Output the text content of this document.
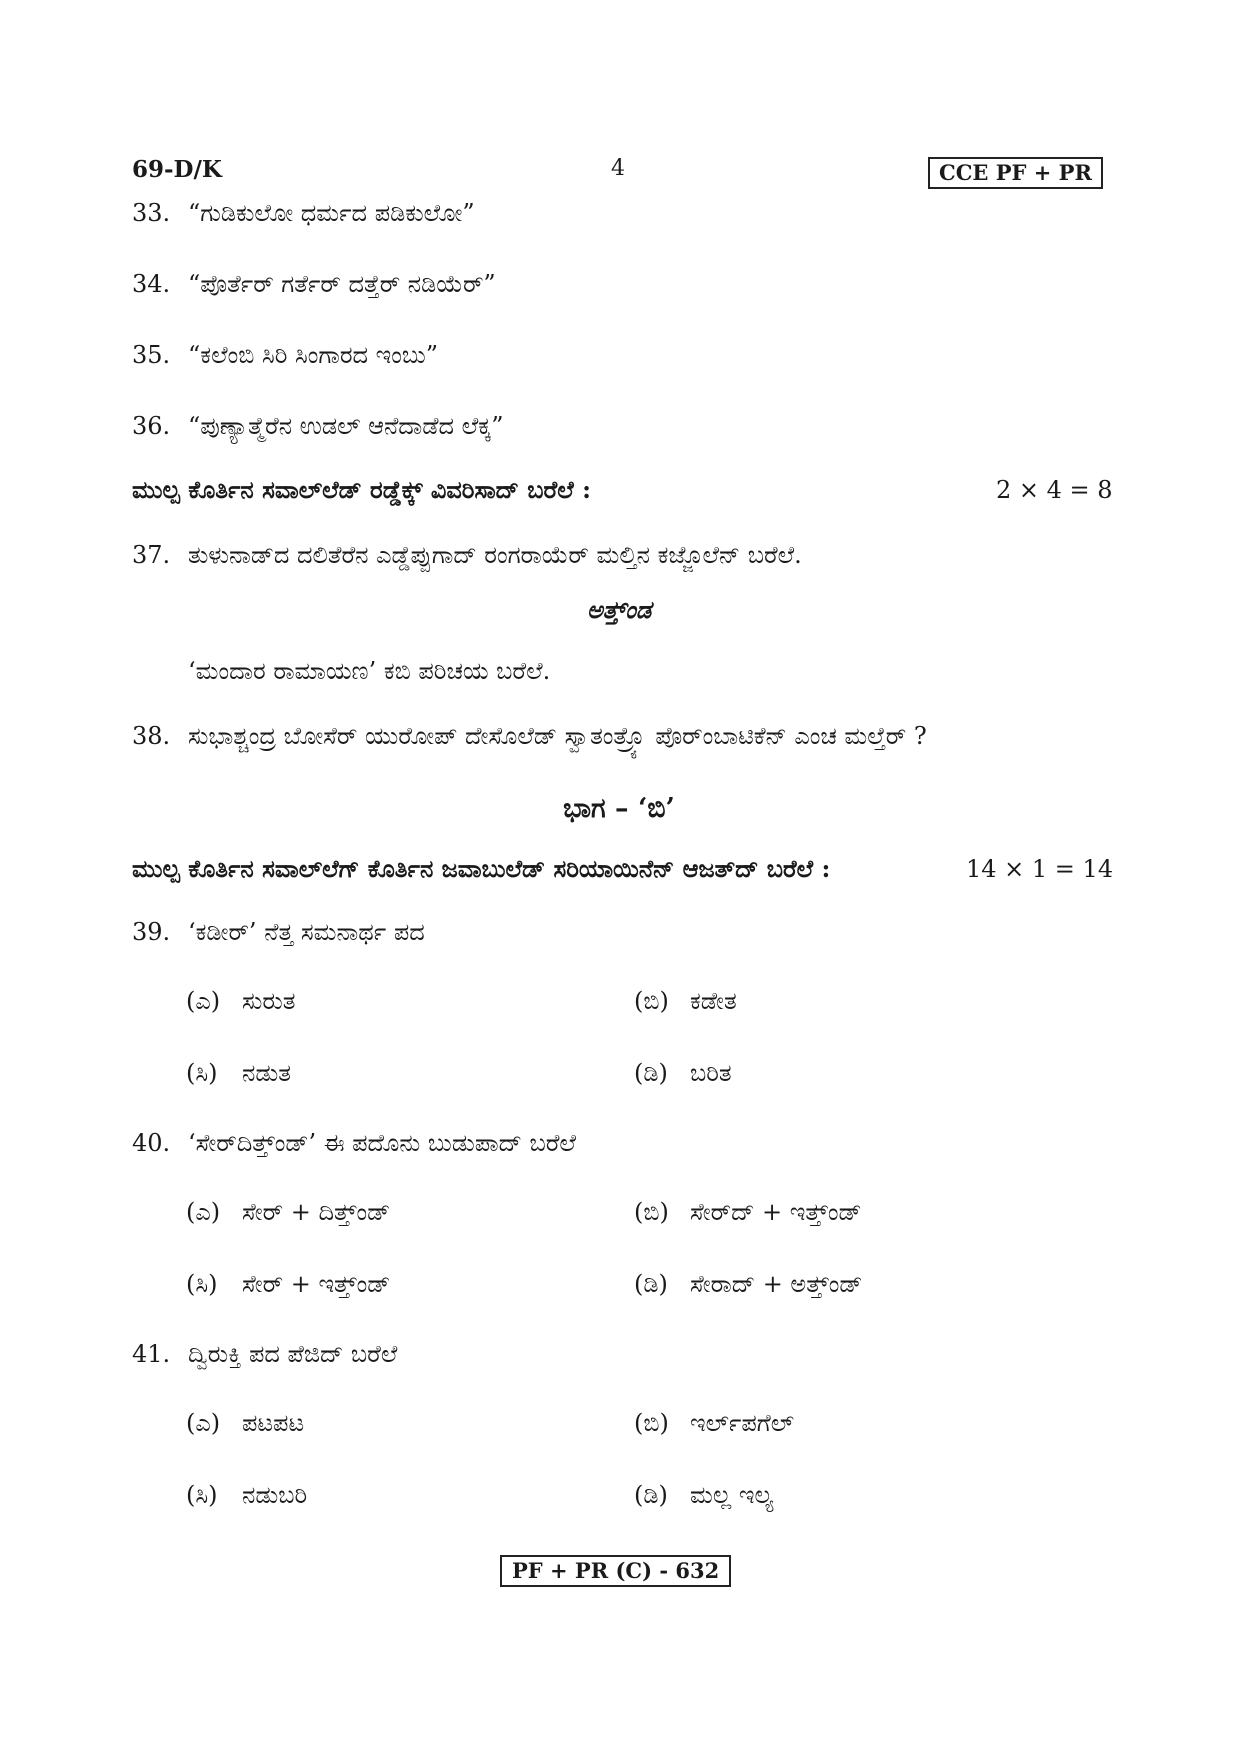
69-D/K	4	CCE PF + PR
33. “ಗುಡಿಕುಲೋ ಧರ್ಮದ ಪಡಿಕುಲೋ”
34. “ಪೊರ್ತೆರ್ ಗರ್ತೆರ್ ದತ್ತೆರ್ ನಡಿಯೆರ್”
35. “ಕಲೆಂಬಿ ಸಿರಿ ಸಿಂಗಾರದ ಇಂಬು”
36. “ಪುಣ್ಯಾತ್ಮೆರೆನ ಉಡಲ್ ಆನೆದಾಡೆದ ಲೆಕ್ಕ”
ಮುಲ್ಪ ಕೊರ್ತಿನ ಸವಾಲ್‌ಲೆಡ್ ರಡ್ಡೆಕ್ಕ್ ವಿವರಿಸಾದ್ ಬರೆಲೆ :	2 × 4 = 8
37. ತುಳುನಾಡ್‌ದ ದಲಿತೆರೆನ ಎಡ್ಡೆಪ್ಪುಗಾದ್ ರಂಗರಾಯೆರ್ ಮಲ್ತಿನ ಕಜ್ಜೊಲೆನ್ ಬರೆಲೆ.
ಅತ್ತ್‌ಂಡ
‘ಮಂದಾರ ರಾಮಾಯಣ’ ಕಬಿ ಪರಿಚಯ ಬರೆಲೆ.
38. ಸುಭಾಶ್ಚಂದ್ರ ಬೋಸೆರ್ ಯುರೋಪ್ ದೇಸೊಲೆಡ್ ಸ್ವಾತಂತ್ರ್ಯೊ ಪೊರ್ಂಬಾಟಿಕೆನ್ ಎಂಚ ಮಲ್ತೆರ್ ?
ಭಾಗ – ‘ಬಿ’
ಮುಲ್ಪ ಕೊರ್ತಿನ ಸವಾಲ್‌ಲೆಗ್ ಕೊರ್ತಿನ ಜವಾಬುಲೆಡ್ ಸರಿಯಾಯಿನೆನ್ ಆಜತ್‌ದ್ ಬರೆಲೆ :	14 × 1 = 14
39. ‘ಕಡೀರ್’ ನೆತ್ತ ಸಮನಾರ್ಥ ಪದ
(ಎ) ಸುರುತ	(ಬಿ) ಕಡೇತ
(ಸಿ) ನಡುತ	(ಡಿ) ಬರಿತ
40. ‘ಸೇರ್‌ದಿತ್ತ್‌ಂಡ್’ ಈ ಪದೊನು ಬುಡುಪಾದ್ ಬರೆಲೆ
(ಎ) ಸೇರ್ + ದಿತ್ತ್‌ಂಡ್	(ಬಿ) ಸೇರ್‌ದ್ + ಇತ್ತ್‌ಂಡ್
(ಸಿ) ಸೇರ್ + ಇತ್ತ್‌ಂಡ್	(ಡಿ) ಸೇರಾದ್ + ಅತ್ತ್‌ಂಡ್
41. ದ್ವಿರುಕ್ತಿ ಪದ ಪೆಜಿದ್ ಬರೆಲೆ
(ಎ) ಪಟಪಟ	(ಬಿ) ಇರ್ಲ್‌ಪಗೆಲ್
(ಸಿ) ನಡುಬರಿ	(ಡಿ) ಮಲ್ಲ ಇಲ್ಯ
PF + PR (C) - 632
